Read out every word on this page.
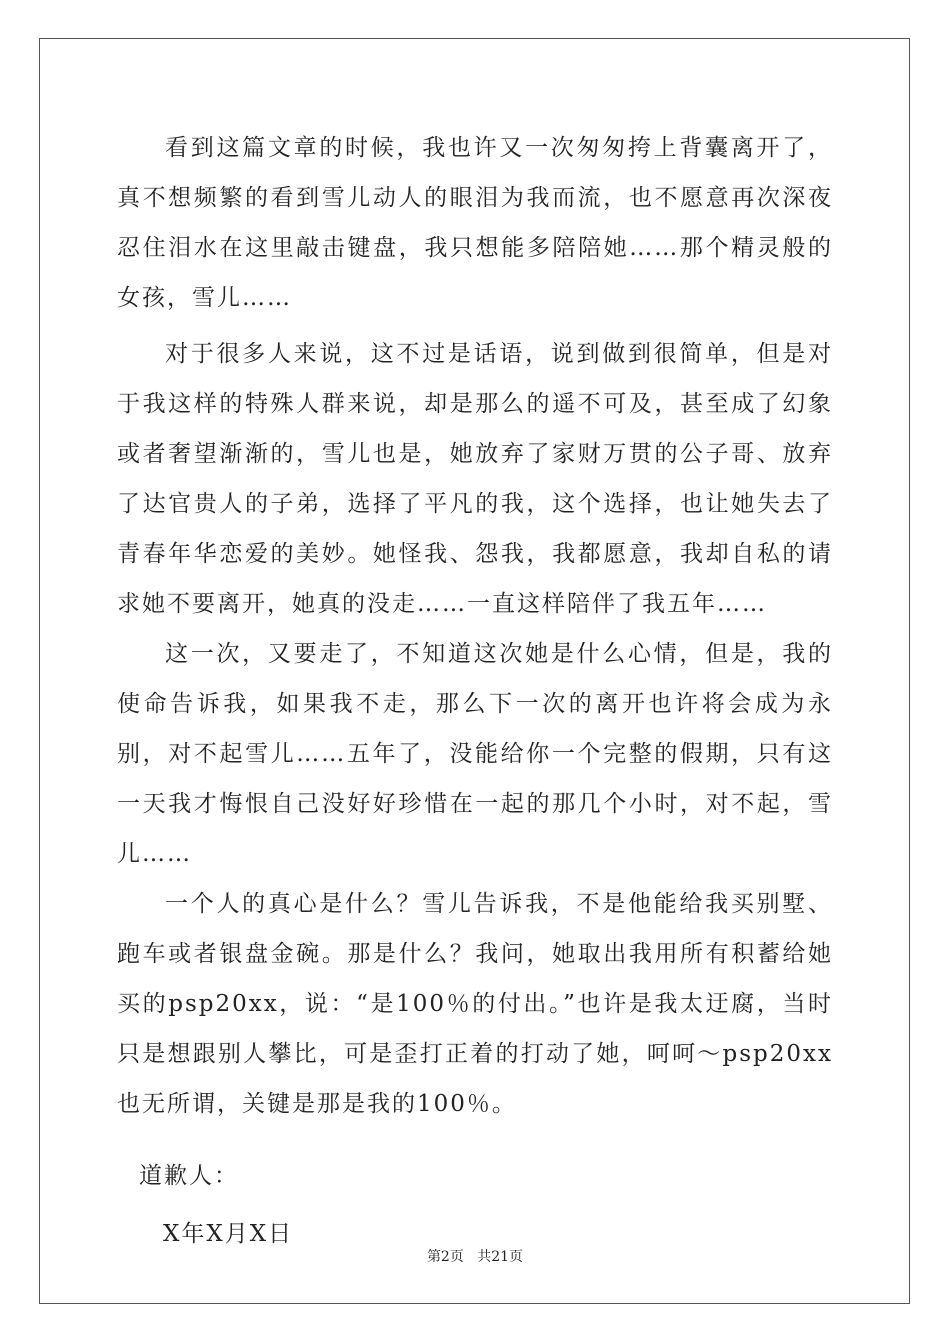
看到这篇文章的时候，我也许又一次匆匆挎上背囊离开了，真不想频繁的看到雪儿动人的眼泪为我而流，也不愿意再次深夜忍住泪水在这里敲击键盘，我只想能多陪陪她……那个精灵般的女孩，雪儿……

对于很多人来说，这不过是话语，说到做到很简单，但是对于我这样的特殊人群来说，却是那么的遥不可及，甚至成了幻象或者奢望渐渐的，雪儿也是，她放弃了家财万贯的公子哥、放弃了达官贵人的子弟，选择了平凡的我，这个选择，也让她失去了青春年华恋爱的美妙。她怪我、怨我，我都愿意，我却自私的请求她不要离开，她真的没走……一直这样陪伴了我五年……

这一次，又要走了，不知道这次她是什么心情，但是，我的使命告诉我，如果我不走，那么下一次的离开也许将会成为永别，对不起雪儿……五年了，没能给你一个完整的假期，只有这一天我才悔恨自己没好好珍惜在一起的那几个小时，对不起，雪儿……

一个人的真心是什么？雪儿告诉我，不是他能给我买别墅、跑车或者银盘金碗。那是什么？我问，她取出我用所有积蓄给她买的psp20xx，说：“是100％的付出。”也许是我太迂腐，当时只是想跟别人攀比，可是歪打正着的打动了她，呵呵～psp20xx也无所谓，关键是那是我的100％。

道歉人：
X年X月X日
第2页 共21页
